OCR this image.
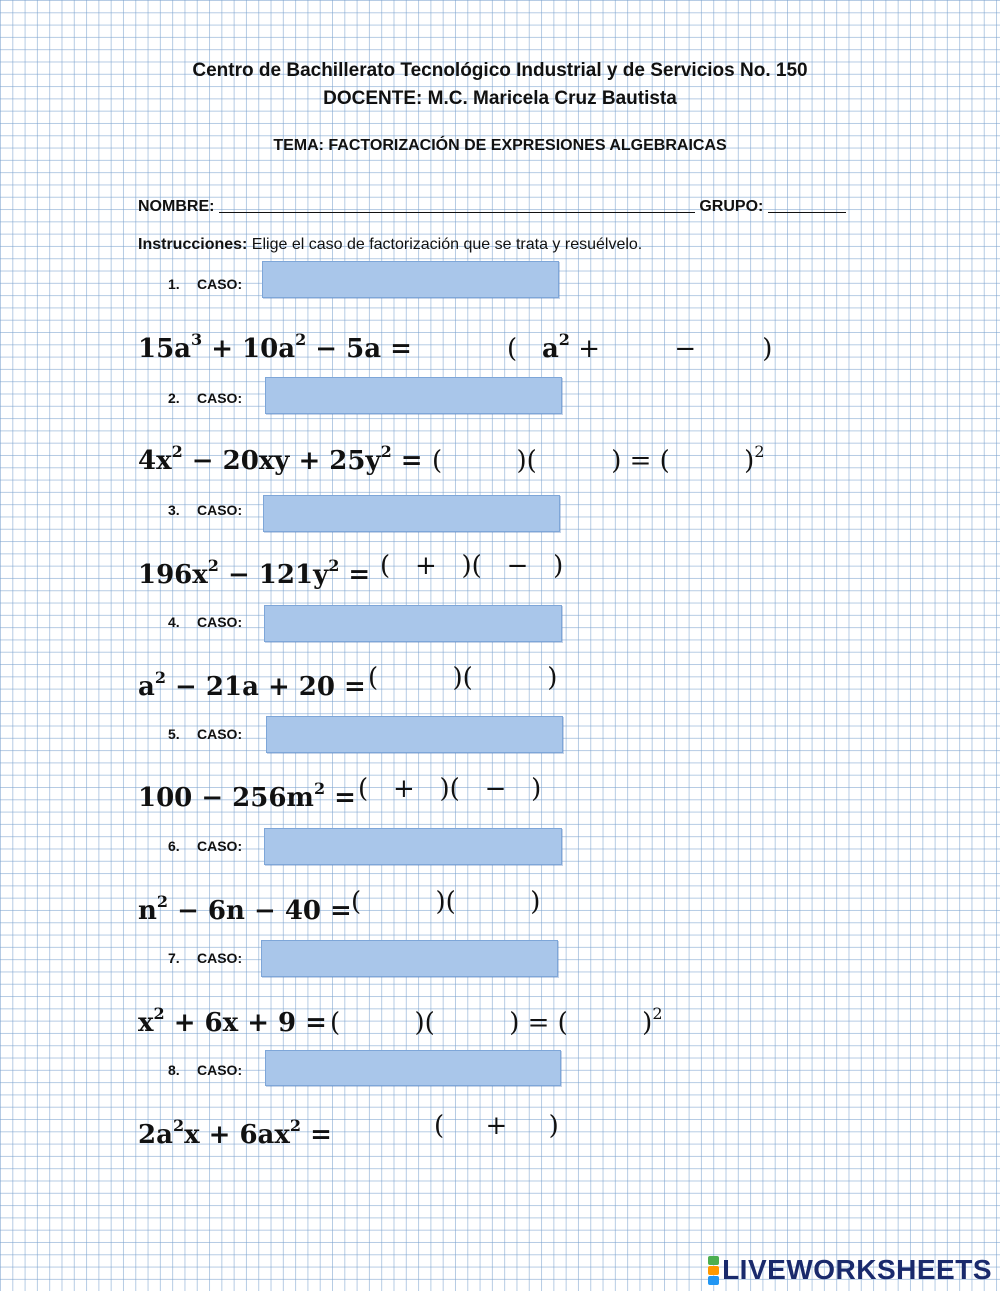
Centro de Bachillerato Tecnológico Industrial y de Servicios No. 150
DOCENTE: M.C. Maricela Cruz Bautista
TEMA: FACTORIZACIÓN DE EXPRESIONES ALGEBRAICAS
NOMBRE:	GRUPO:
Instrucciones: Elige el caso de factorización que se trata y resuélvelo.
1. CASO:
$15a^3 + 10a^2 - 5a$ =	(   $a^2$ +         −        )
2. CASO:
$4x^2 - 20xy + 25y^2$ = (         )(         ) = (         )$^2$
3. CASO:
$196x^2 - 121y^2$ = (   +   )(   −   )
4. CASO:
$a^2 - 21a + 20$ = (         )(         )
5. CASO:
$100 - 256m^2$ = (   +   )(   −   )
6. CASO:
$n^2 - 6n - 40$ = (         )(         )
7. CASO:
$x^2 + 6x + 9$ = (         )(         ) = (         )$^2$
8. CASO:
$2a^2x + 6ax^2$ =	(     +     )
LIVEWORKSHEETS
